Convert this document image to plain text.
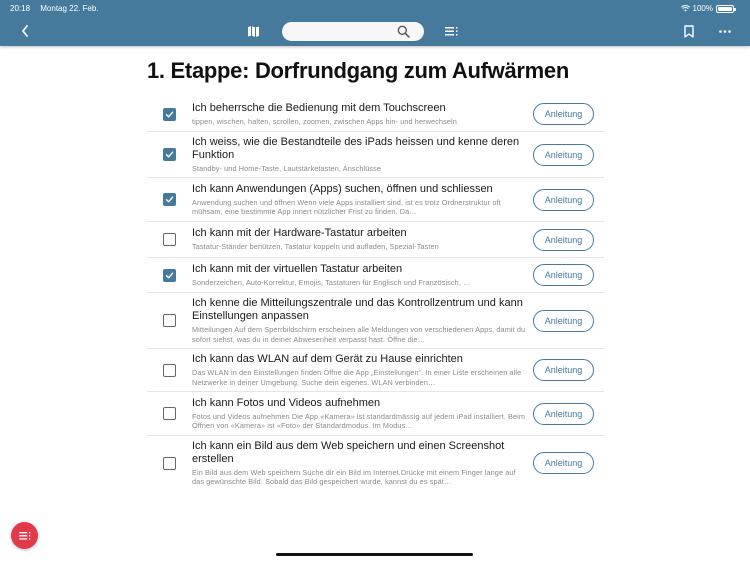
20:18 Montag 22. Feb.	100%
1. Etappe: Dorfrundgang zum Aufwärmen
Ich beherrsche die Bedienung mit dem Touchscreen
tippen, wischen, halten, scrollen, zoomen, zwischen Apps hin- und herwechseln
Anleitung
Ich weiss, wie die Bestandteile des iPads heissen und kenne deren Funktion
Standby- und Home-Taste, Lautstärketasten, Anschlüsse
Anleitung
Ich kann Anwendungen (Apps) suchen, öffnen und schliessen
Anwendung suchen und öffnen Wenn viele Apps installiert sind, ist es trotz Ordnerstruktur oft mühsam, eine bestimmte App innert nützlicher Frist zu finden. Da…
Anleitung
Ich kann mit der Hardware-Tastatur arbeiten
Tastatur-Ständer benützen, Tastatur koppeln und aufladen, Spezial-Tasten
Anleitung
Ich kann mit der virtuellen Tastatur arbeiten
Sonderzeichen, Auto-Korrektur, Emojis, Tastaturen für Englisch und Französisch, …
Anleitung
Ich kenne die Mitteilungszentrale und das Kontrollzentrum und kann Einstellungen anpassen
Mitteilungen Auf dem Sperrbildschirm erscheinen alle Meldungen von verschiedenen Apps, damit du sofort siehst, was du in deiner Abwesenheit verpasst hast. Öffne die…
Anleitung
Ich kann das WLAN auf dem Gerät zu Hause einrichten
Das WLAN in den Einstellungen finden Öffne die App „Einstellungen“. In einer Liste erscheinen alle Netzwerke in deiner Umgebung. Suche dein eigenes. WLAN verbinden…
Anleitung
Ich kann Fotos und Videos aufnehmen
Fotos und Videos aufnehmen Die App «Kamera» ist standardmässig auf jedem iPad installiert. Beim Öffnen von «Kamera» ist «Foto» der Standardmodus. Im Modus…
Anleitung
Ich kann ein Bild aus dem Web speichern und einen Screenshot erstellen
Ein Bild aus dem Web speichern Suche dir ein Bild im Internet.Drücke mit einem Finger lange auf das gewünschte Bild. Sobald das Bild gespeichert wurde, kannst du es spät…
Anleitung
